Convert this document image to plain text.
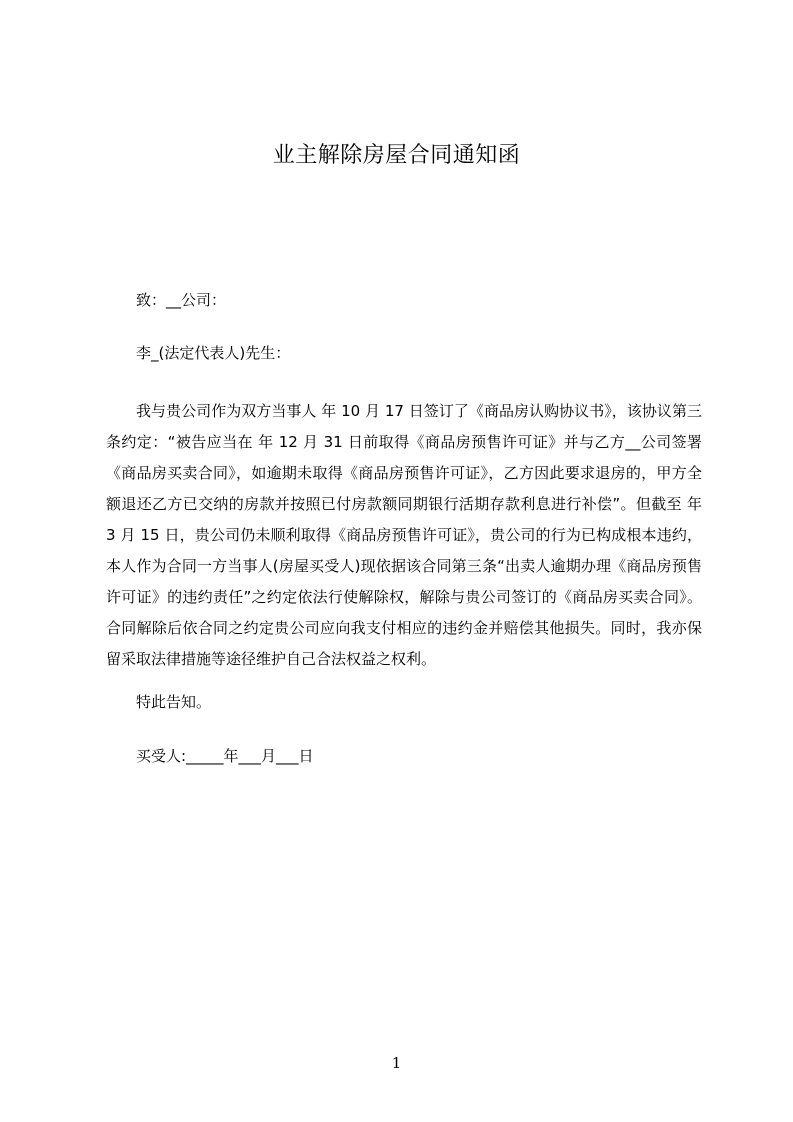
业主解除房屋合同通知函
致：__公司：
李_(法定代表人)先生：

我与贵公司作为双方当事人 年 10 月 17 日签订了《商品房认购协议书》，该协议第三条约定：“被告应当在 年 12 月 31 日前取得《商品房预售许可证》并与乙方__公司签署《商品房买卖合同》，如逾期未取得《商品房预售许可证》，乙方因此要求退房的，甲方全额退还乙方已交纳的房款并按照已付房款额同期银行活期存款利息进行补偿”。但截至 年 3 月 15 日，贵公司仍未顺利取得《商品房预售许可证》，贵公司的行为已构成根本违约，本人作为合同一方当事人(房屋买受人)现依据该合同第三条“出卖人逾期办理《商品房预售许可证》的违约责任”之约定依法行使解除权，解除与贵公司签订的《商品房买卖合同》。合同解除后依合同之约定贵公司应向我支付相应的违约金并赔偿其他损失。同时，我亦保留采取法律措施等途径维护自己合法权益之权利。

特此告知。
买受人:_____年___月___日
1
